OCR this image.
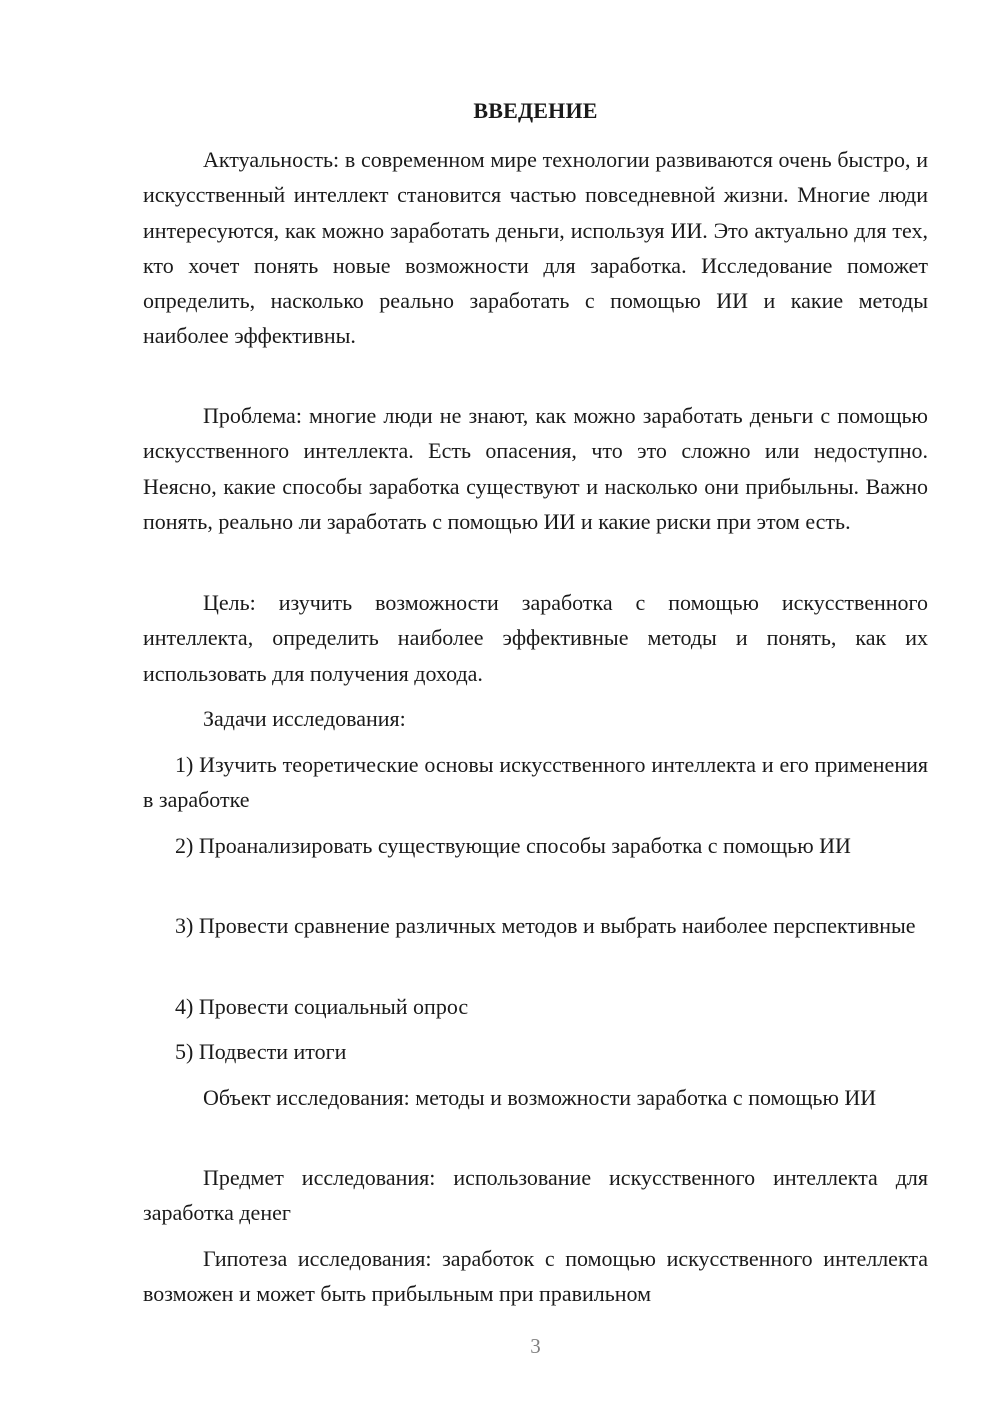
ВВЕДЕНИЕ

Актуальность: в современном мире технологии развиваются очень быстро, и искусственный интеллект становится частью повседневной жизни. Многие люди интересуются, как можно заработать деньги, используя ИИ. Это актуально для тех, кто хочет понять новые возможности для заработка. Исследование поможет определить, насколько реально заработать с помощью ИИ и какие методы наиболее эффективны.

Проблема: многие люди не знают, как можно заработать деньги с помощью искусственного интеллекта. Есть опасения, что это сложно или недоступно. Неясно, какие способы заработка существуют и насколько они прибыльны. Важно понять, реально ли заработать с помощью ИИ и какие риски при этом есть.

Цель: изучить возможности заработка с помощью искусственного интеллекта, определить наиболее эффективные методы и понять, как их использовать для получения дохода.

Задачи исследования:

1) Изучить теоретические основы искусственного интеллекта и его применения в заработке

2) Проанализировать существующие способы заработка с помощью ИИ

3) Провести сравнение различных методов и выбрать наиболее перспективные

4) Провести социальный опрос

5) Подвести итоги

Объект исследования: методы и возможности заработка с помощью ИИ

Предмет исследования: использование искусственного интеллекта для заработка денег

Гипотеза исследования: заработок с помощью искусственного интеллекта возможен и может быть прибыльным при правильном

3
